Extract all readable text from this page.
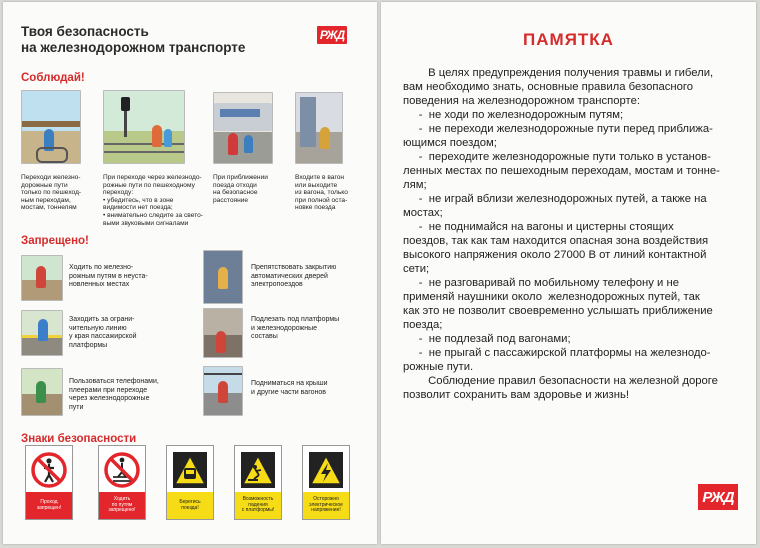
Твоя безопасность
на железнодорожном транспорте
РЖД
Соблюдай!
Переходи железно-
дорожные пути
только по пешеход-
ным переходам,
мостам, тоннелям
При переходе через железнодо-
рожные пути по пешеходному
переходу:
• убедитесь, что в зоне
видимости нет поезда;
• внимательно следите за свето-
выми звуковыми сигналами
При приближении
поезда отходи
на безопасное
расстояние
Входите в вагон
или выходите
из вагона, только
при полной оста-
новке поезда
Запрещено!
Ходить по железно-
рожным путям в неуста-
новленных местах
Препятствовать закрытию
автоматических дверей
электропоездов
Заходить за ограни-
чительную линию
у края пассажирской
платформы
Подлезать под платформы
и железнодорожные
составы
Пользоваться телефонами,
плеерами при переходе
через железнодорожные
пути
Подниматься на крыши
и другие части вагонов
Знаки безопасности
Проход
запрещен!
Ходить
по путям
запрещено!
Берегись
поезда!
Возможность
падения
с платформы!
Осторожно
электрическое
напряжение!
ПАМЯТКА

В целях предупреждения получения травмы и гибели,

вам необходимо знать, основные правила безопасного

поведения на железнодорожном транспорте:

-  не ходи по железнодорожным путям;

-  не переходи железнодорожные пути перед приближа-

ющимся поездом;

-  переходите железнодорожные пути только в установ-

ленных местах по пешеходным переходам, мостам и тонне-

лям;

-  не играй вблизи железнодорожных путей, а также на

мостах;

-  не поднимайся на вагоны и цистерны стоящих

поездов, так как там находится опасная зона воздействия

высокого напряжения около 27000 В от линий контактной

сети;

-  не разговаривай по мобильному телефону и не

применяй наушники около  железнодорожных путей, так

как это не позволит своевременно услышать приближение

поезда;

-  не подлезай под вагонами;

-  не прыгай с пассажирской платформы на железнодо-

рожные пути.

Соблюдение правил безопасности на железной дороге

позволит сохранить вам здоровье и жизнь!

РЖД
